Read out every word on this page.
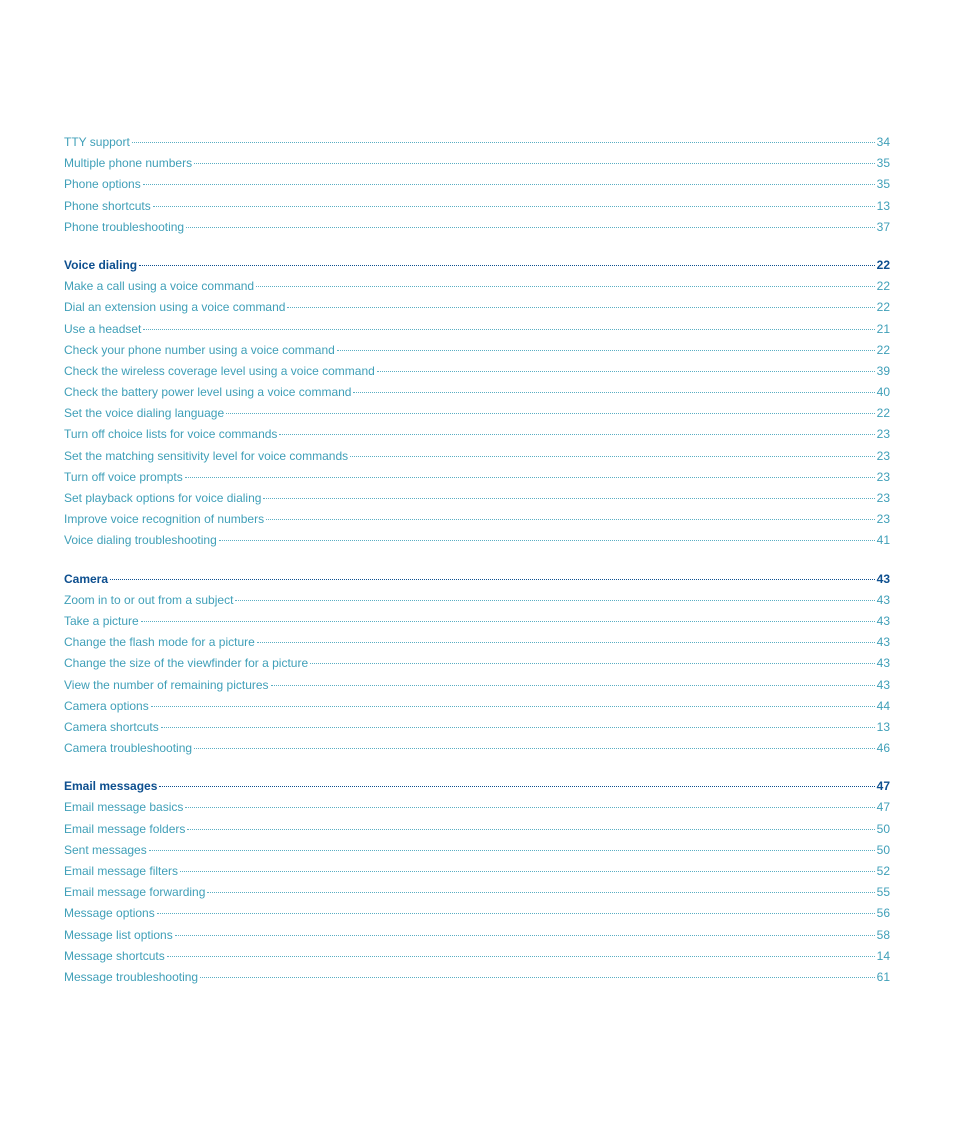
TTY support	34
Multiple phone numbers	35
Phone options	35
Phone shortcuts	13
Phone troubleshooting	37
Voice dialing	22
Make a call using a voice command	22
Dial an extension using a voice command	22
Use a headset	21
Check your phone number using a voice command	22
Check the wireless coverage level using a voice command	39
Check the battery power level using a voice command	40
Set the voice dialing language	22
Turn off choice lists for voice commands	23
Set the matching sensitivity level for voice commands	23
Turn off voice prompts	23
Set playback options for voice dialing	23
Improve voice recognition of numbers	23
Voice dialing troubleshooting	41
Camera	43
Zoom in to or out from a subject	43
Take a picture	43
Change the flash mode for a picture	43
Change the size of the viewfinder for a picture	43
View the number of remaining pictures	43
Camera options	44
Camera shortcuts	13
Camera troubleshooting	46
Email messages	47
Email message basics	47
Email message folders	50
Sent messages	50
Email message filters	52
Email message forwarding	55
Message options	56
Message list options	58
Message shortcuts	14
Message troubleshooting	61
